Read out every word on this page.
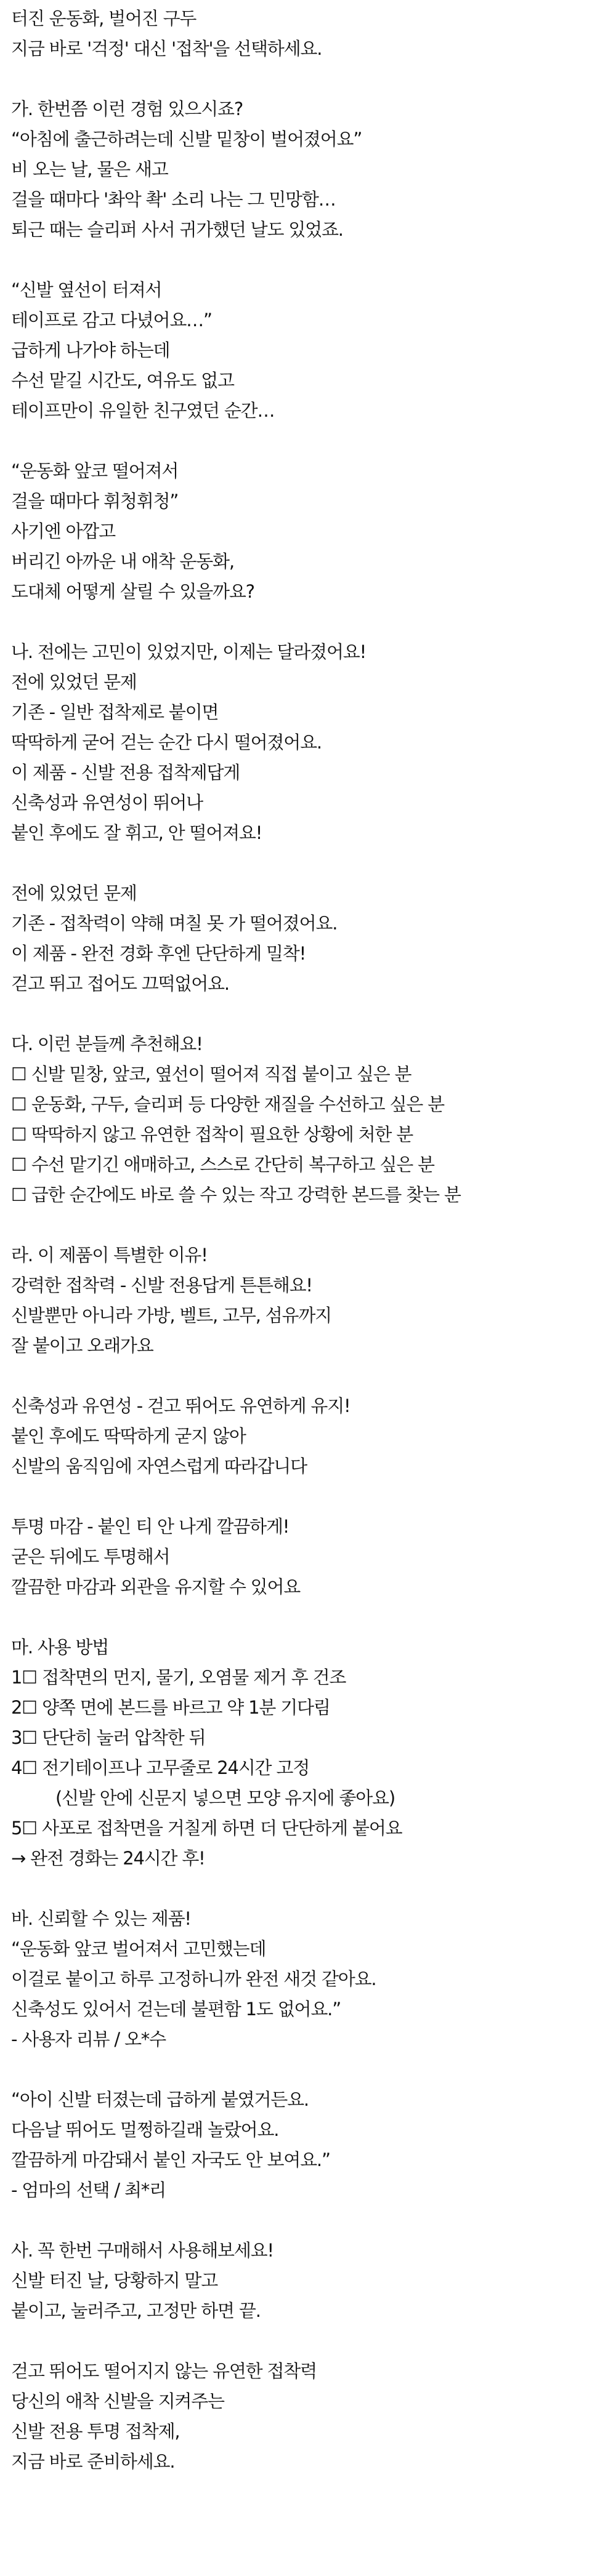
터진 운동화, 벌어진 구두
지금 바로 '걱정' 대신 '접착'을 선택하세요.
가. 한번쯤 이런 경험 있으시죠?
“아침에 출근하려는데 신발 밑창이 벌어졌어요”
비 오는 날, 물은 새고
걸을 때마다 '촤악 촥' 소리 나는 그 민망함…
퇴근 때는 슬리퍼 사서 귀가했던 날도 있었죠.
“신발 옆선이 터져서
테이프로 감고 다녔어요…”
급하게 나가야 하는데
수선 맡길 시간도, 여유도 없고
테이프만이 유일한 친구였던 순간…
“운동화 앞코 떨어져서
걸을 때마다 휘청휘청”
사기엔 아깝고
버리긴 아까운 내 애착 운동화,
도대체 어떻게 살릴 수 있을까요?
나. 전에는 고민이 있었지만, 이제는 달라졌어요!
전에 있었던 문제
기존 - 일반 접착제로 붙이면
딱딱하게 굳어 걷는 순간 다시 떨어졌어요.
이 제품 - 신발 전용 접착제답게
신축성과 유연성이 뛰어나
붙인 후에도 잘 휘고, 안 떨어져요!
전에 있었던 문제
기존 - 접착력이 약해 며칠 못 가 떨어졌어요.
이 제품 - 완전 경화 후엔 단단하게 밀착!
걷고 뛰고 접어도 끄떡없어요.
다. 이런 분들께 추천해요!
☐ 신발 밑창, 앞코, 옆선이 떨어져 직접 붙이고 싶은 분
☐ 운동화, 구두, 슬리퍼 등 다양한 재질을 수선하고 싶은 분
☐ 딱딱하지 않고 유연한 접착이 필요한 상황에 처한 분
☐ 수선 맡기긴 애매하고, 스스로 간단히 복구하고 싶은 분
☐ 급한 순간에도 바로 쓸 수 있는 작고 강력한 본드를 찾는 분
라. 이 제품이 특별한 이유!
강력한 접착력 - 신발 전용답게 튼튼해요!
신발뿐만 아니라 가방, 벨트, 고무, 섬유까지
잘 붙이고 오래가요
신축성과 유연성 - 걷고 뛰어도 유연하게 유지!
붙인 후에도 딱딱하게 굳지 않아
신발의 움직임에 자연스럽게 따라갑니다
투명 마감 - 붙인 티 안 나게 깔끔하게!
굳은 뒤에도 투명해서
깔끔한 마감과 외관을 유지할 수 있어요
마. 사용 방법
1☐ 접착면의 먼지, 물기, 오염물 제거 후 건조
2☐ 양쪽 면에 본드를 바르고 약 1분 기다림
3☐ 단단히 눌러 압착한 뒤
4☐ 전기테이프나 고무줄로 24시간 고정
(신발 안에 신문지 넣으면 모양 유지에 좋아요)
5☐ 사포로 접착면을 거칠게 하면 더 단단하게 붙어요
→ 완전 경화는 24시간 후!
바. 신뢰할 수 있는 제품!
“운동화 앞코 벌어져서 고민했는데
이걸로 붙이고 하루 고정하니까 완전 새것 같아요.
신축성도 있어서 걷는데 불편함 1도 없어요.”
- 사용자 리뷰 / 오*수
“아이 신발 터졌는데 급하게 붙였거든요.
다음날 뛰어도 멀쩡하길래 놀랐어요.
깔끔하게 마감돼서 붙인 자국도 안 보여요.”
- 엄마의 선택 / 최*리
사. 꼭 한번 구매해서 사용해보세요!
신발 터진 날, 당황하지 말고
붙이고, 눌러주고, 고정만 하면 끝.
걷고 뛰어도 떨어지지 않는 유연한 접착력
당신의 애착 신발을 지켜주는
신발 전용 투명 접착제,
지금 바로 준비하세요.
